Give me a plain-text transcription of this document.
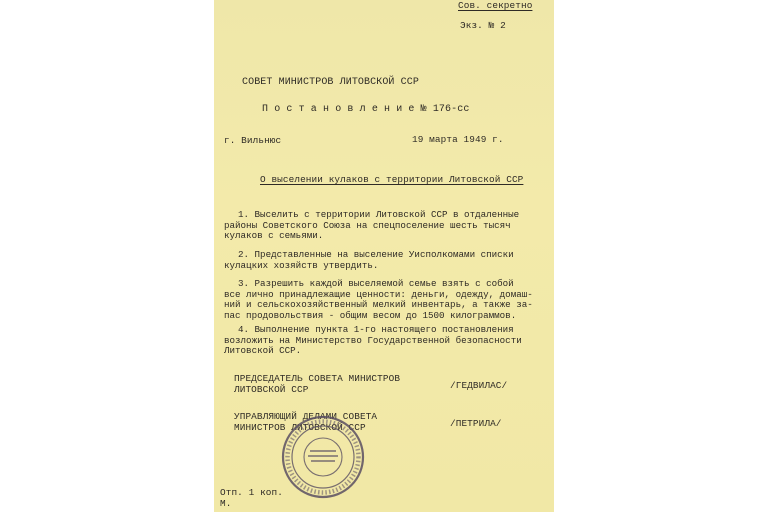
Сов. секретно
Экз. № 2
СОВЕТ МИНИСТРОВ ЛИТОВСКОЙ ССР
П о с т а н о в л е н и е № 176-сс
г. Вильнюс	19 марта 1949 г.
О выселении кулаков с территории Литовской ССР
1. Выселить с территории Литовской ССР в отдаленные
районы Советского Союза на спецпоселение шесть тысяч
кулаков с семьями.
2. Представленные на выселение Уисполкомами списки
кулацких хозяйств утвердить.
3. Разрешить каждой выселяемой семье взять с собой
все лично принадлежащие ценности: деньги, одежду, домаш-
ний и сельскохозяйственный мелкий инвентарь, а также за-
пас продовольствия - общим весом до 1500 килограммов.
4. Выполнение пункта 1-го настоящего постановления
возложить на Министерство Государственной безопасности
Литовской ССР.
ПРЕДСЕДАТЕЛЬ СОВЕТА МИНИСТРОВ
ЛИТОВСКОЙ ССР	/ГЕДВИЛАС/
УПРАВЛЯЮЩИЙ ДЕЛАМИ СОВЕТА
МИНИСТРОВ ЛИТОВСКОЙ ССР	/ПЕТРИЛА/
Отп. 1 коп.
М.
